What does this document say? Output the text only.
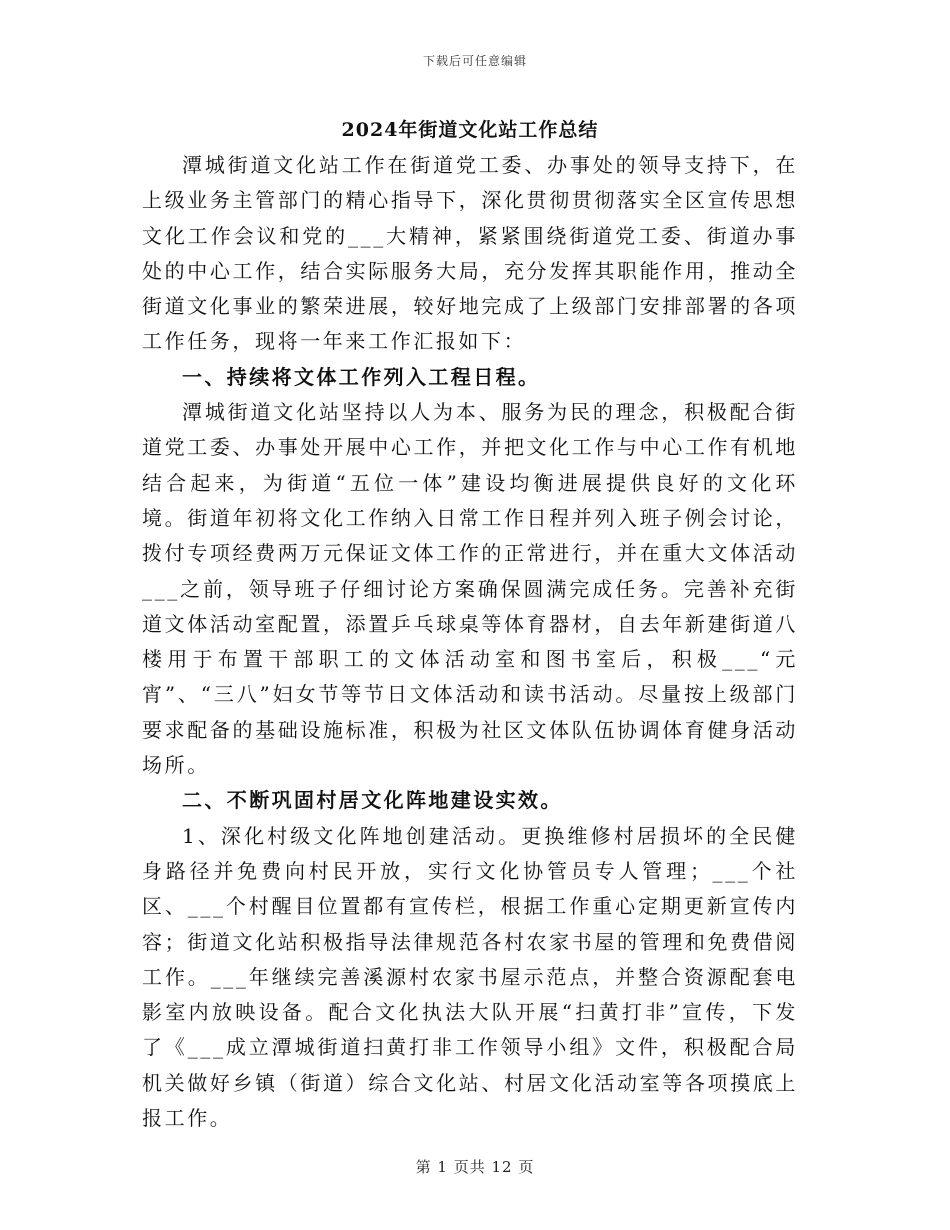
下载后可任意编辑
2024年街道文化站工作总结

潭城街道文化站工作在街道党工委、办事处的领导支持下，在上级业务主管部门的精心指导下，深化贯彻贯彻落实全区宣传思想文化工作会议和党的___大精神，紧紧围绕街道党工委、街道办事处的中心工作，结合实际服务大局，充分发挥其职能作用，推动全街道文化事业的繁荣进展，较好地完成了上级部门安排部署的各项工作任务，现将一年来工作汇报如下：

一、持续将文体工作列入工程日程。

潭城街道文化站坚持以人为本、服务为民的理念，积极配合街道党工委、办事处开展中心工作，并把文化工作与中心工作有机地结合起来，为街道“五位一体”建设均衡进展提供良好的文化环境。街道年初将文化工作纳入日常工作日程并列入班子例会讨论，拨付专项经费两万元保证文体工作的正常进行，并在重大文体活动___之前，领导班子仔细讨论方案确保圆满完成任务。完善补充街道文体活动室配置，添置乒乓球桌等体育器材，自去年新建街道八楼用于布置干部职工的文体活动室和图书室后，积极___“元宵”、“三八”妇女节等节日文体活动和读书活动。尽量按上级部门要求配备的基础设施标准，积极为社区文体队伍协调体育健身活动场所。

二、不断巩固村居文化阵地建设实效。

1、深化村级文化阵地创建活动。更换维修村居损坏的全民健身路径并免费向村民开放，实行文化协管员专人管理；___个社区、___个村醒目位置都有宣传栏，根据工作重心定期更新宣传内容；街道文化站积极指导法律规范各村农家书屋的管理和免费借阅工作。___年继续完善溪源村农家书屋示范点，并整合资源配套电影室内放映设备。配合文化执法大队开展“扫黄打非”宣传，下发了《___成立潭城街道扫黄打非工作领导小组》文件，积极配合局机关做好乡镇（街道）综合文化站、村居文化活动室等各项摸底上报工作。

第 1 页共 12 页
